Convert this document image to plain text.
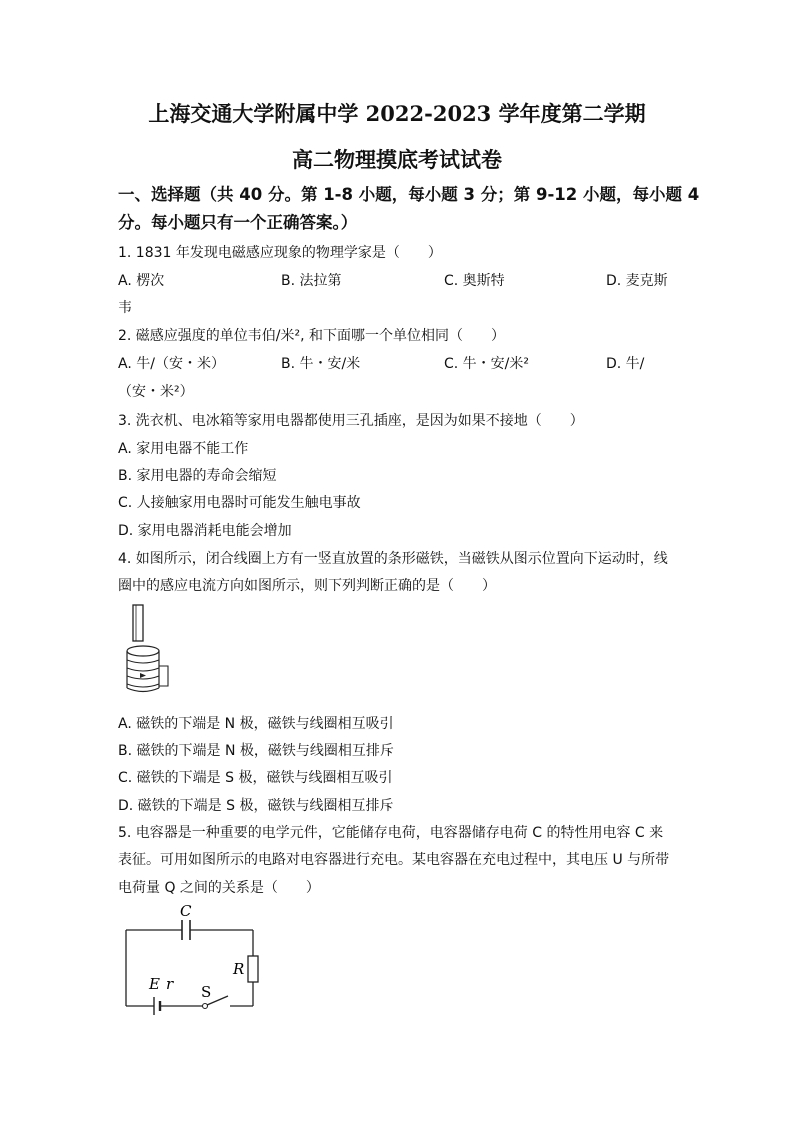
上海交通大学附属中学 2022-2023 学年度第二学期
高二物理摸底考试试卷
一、选择题（共 40 分。第 1-8 小题，每小题 3 分；第 9-12 小题，每小题 4
分。每小题只有一个正确答案。）
1. 1831 年发现电磁感应现象的物理学家是（　　）
A. 楞次	B. 法拉第	C. 奥斯特	D. 麦克斯
韦
2. 磁感应强度的单位韦伯/米², 和下面哪一个单位相同（　　）
A. 牛/（安・米）	B. 牛・安/米	C. 牛・安/米²	D. 牛/
（安・米²）
3. 洗衣机、电冰箱等家用电器都使用三孔插座，是因为如果不接地（　　）
A. 家用电器不能工作
B. 家用电器的寿命会缩短
C. 人接触家用电器时可能发生触电事故
D. 家用电器消耗电能会增加
4. 如图所示，闭合线圈上方有一竖直放置的条形磁铁，当磁铁从图示位置向下运动时，线
圈中的感应电流方向如图所示，则下列判断正确的是（　　）
A. 磁铁的下端是 N 极，磁铁与线圈相互吸引
B. 磁铁的下端是 N 极，磁铁与线圈相互排斥
C. 磁铁的下端是 S 极，磁铁与线圈相互吸引
D. 磁铁的下端是 S 极，磁铁与线圈相互排斥
5. 电容器是一种重要的电学元件，它能储存电荷，电容器储存电荷 C 的特性用电容 C 来
表征。可用如图所示的电路对电容器进行充电。某电容器在充电过程中，其电压 U 与所带
电荷量 Q 之间的关系是（　　）
C
R
E r S
